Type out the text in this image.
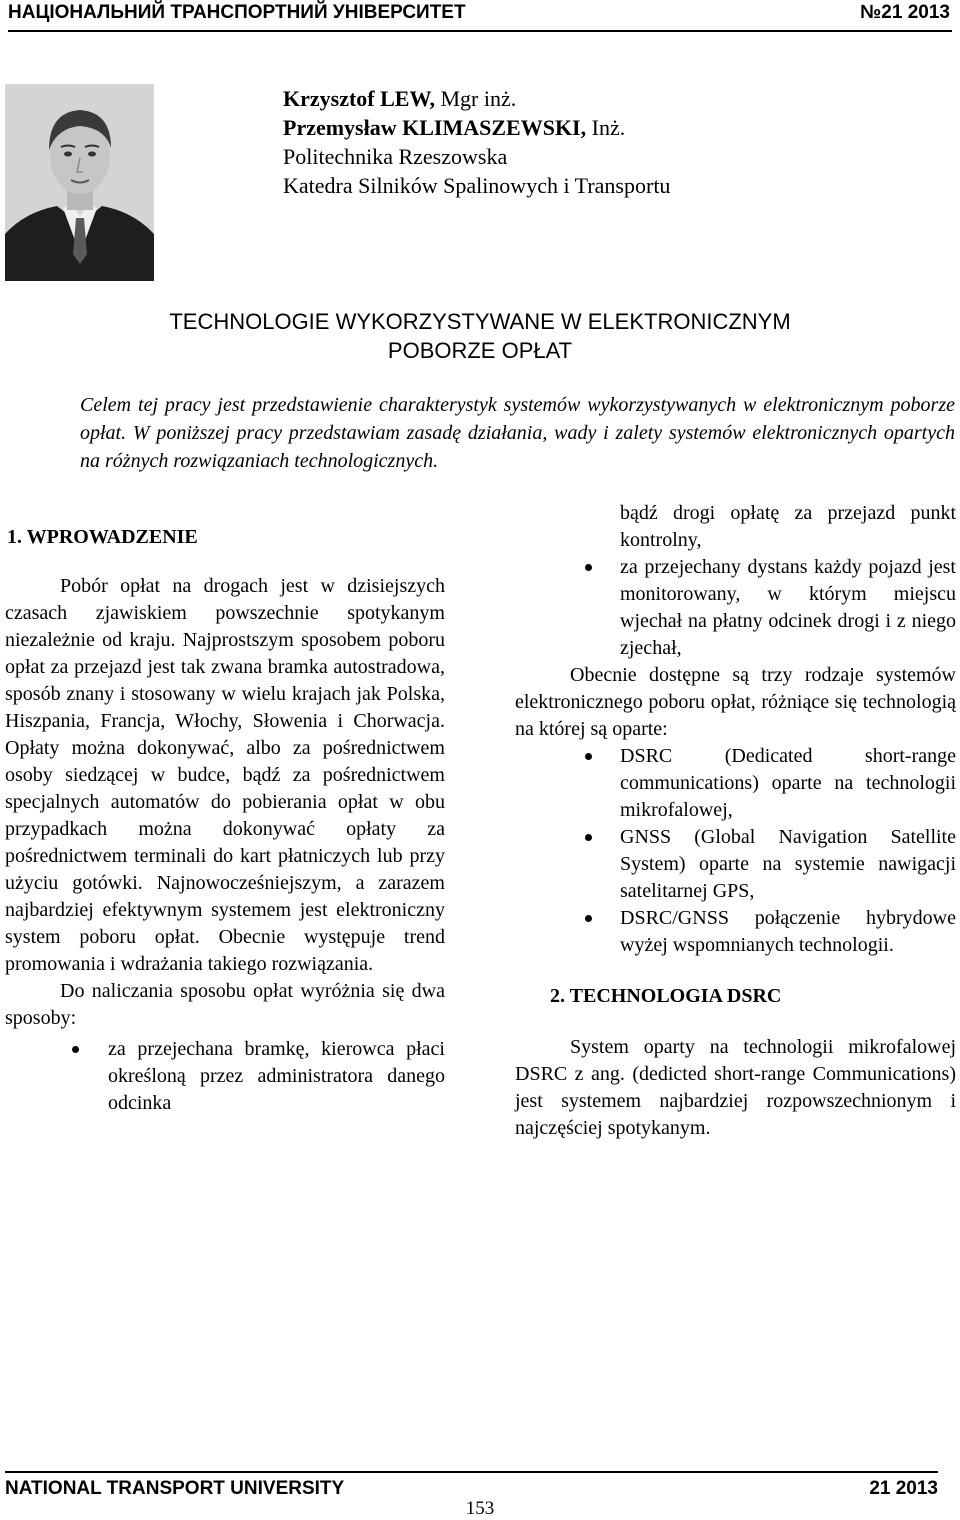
НАЦІОНАЛЬНИЙ ТРАНСПОРТНИЙ УНІВЕРСИТЕТ	№21 2013
Krzysztof LEW, Mgr inż.
Przemysław KLIMASZEWSKI, Inż.
Politechnika Rzeszowska
Katedra Silników Spalinowych i Transportu
TECHNOLOGIE WYKORZYSTYWANE W ELEKTRONICZNYM
POBORZE OPŁAT

Celem tej pracy jest przedstawienie charakterystyk systemów wykorzystywanych w elektronicznym poborze opłat. W poniższej pracy przedstawiam zasadę działania, wady i zalety systemów elektronicznych opartych na różnych rozwiązaniach technologicznych.

1. WPROWADZENIE

Pobór opłat na drogach jest w dzisiejszych czasach zjawiskiem powszechnie spotykanym niezależnie od kraju. Najprostszym sposobem poboru opłat za przejazd jest tak zwana bramka autostradowa, sposób znany i stosowany w wielu krajach jak Polska, Hiszpania, Francja, Włochy, Słowenia i Chorwacja. Opłaty można dokonywać, albo za pośrednictwem osoby siedzącej w budce, bądź za pośrednictwem specjalnych automatów do pobierania opłat w obu przypadkach można dokonywać opłaty za pośrednictwem terminali do kart płatniczych lub przy użyciu gotówki. Najnowocześniejszym, a zarazem najbardziej efektywnym systemem jest elektroniczny system poboru opłat. Obecnie występuje trend promowania i wdrażania takiego rozwiązania.

Do naliczania sposobu opłat wyróżnia się dwa sposoby:

za przejechana bramkę, kierowca płaci określoną przez administratora danego odcinka
bądź drogi opłatę za przejazd punkt kontrolny,
za przejechany dystans każdy pojazd jest monitorowany, w którym miejscu wjechał na płatny odcinek drogi i z niego zjechał,

Obecnie dostępne są trzy rodzaje systemów elektronicznego poboru opłat, różniące się technologią na której są oparte:

DSRC (Dedicated short-range communications) oparte na technologii mikrofalowej,
GNSS (Global Navigation Satellite System) oparte na systemie nawigacji satelitarnej GPS,
DSRC/GNSS połączenie hybrydowe wyżej wspomnianych technologii.

2. TECHNOLOGIA DSRC

System oparty na technologii mikrofalowej DSRC z ang. (dedicted short-range Communications) jest systemem najbardziej rozpowszechnionym i najczęściej spotykanym.

NATIONAL TRANSPORT UNIVERSITY	21 2013
153
